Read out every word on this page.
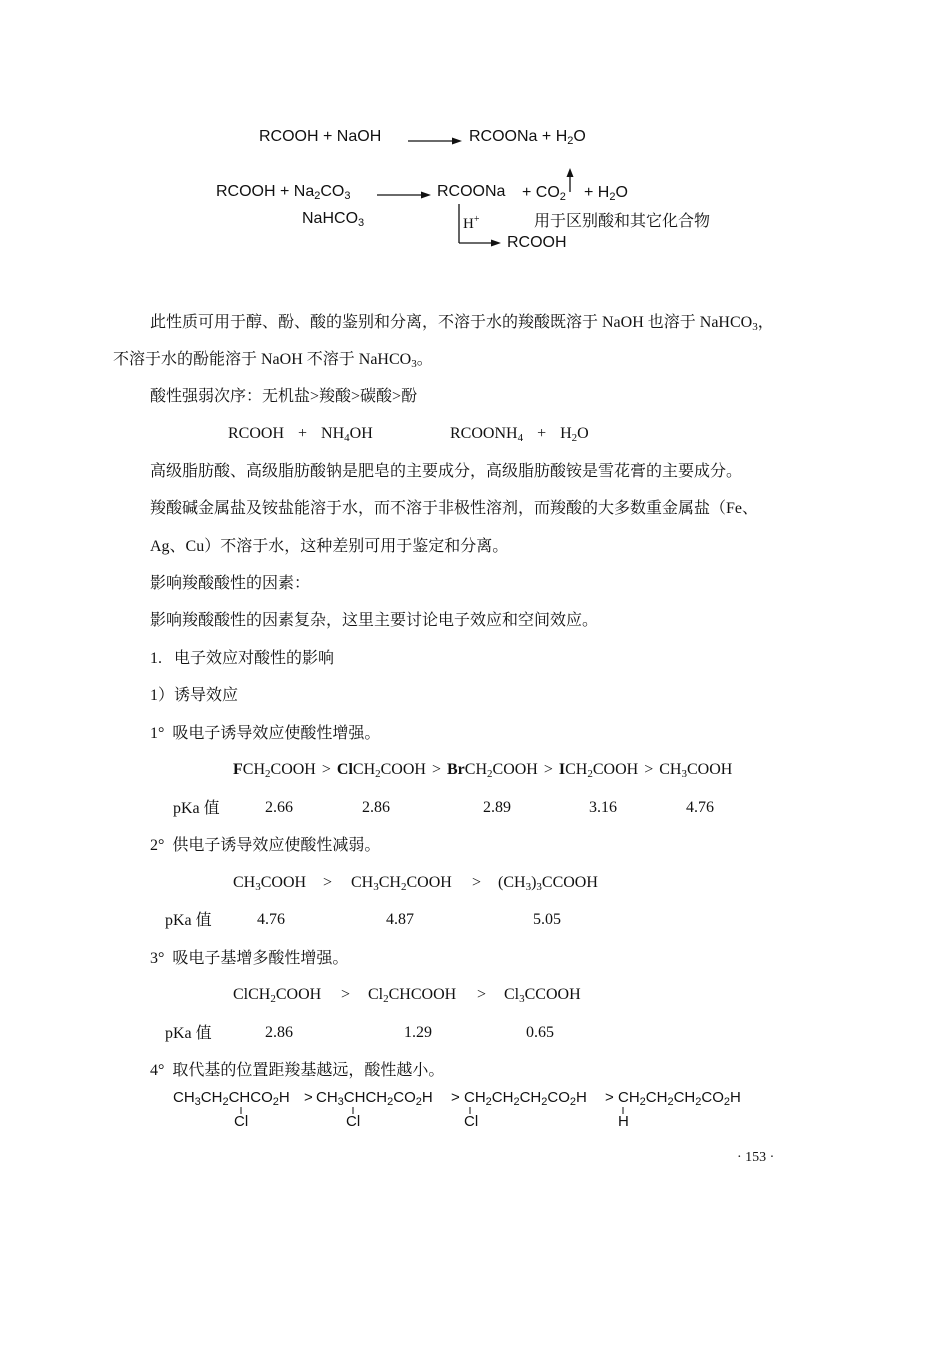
RCOOH + NaOH → RCOONa + $H_2O$
RCOOH + $Na_2CO_3$
NaHCO$_3$
→ RCOONa + $CO_2 + H_2O$
H+	用于区别酸和其它化合物
RCOOH
此性质可用于醇、酚、酸的鉴别和分离，不溶于水的羧酸既溶于 NaOH 也溶于 NaHCO$_3$，
不溶于水的酚能溶于 NaOH 不溶于 NaHCO$_3$。
酸性强弱次序：无机盐>羧酸>碳酸>酚
RCOOH + $NH_4OH$	$RCOONH_4 + H_2O$
高级脂肪酸、高级脂肪酸钠是肥皂的主要成分，高级脂肪酸铵是雪花膏的主要成分。
羧酸碱金属盐及铵盐能溶于水，而不溶于非极性溶剂，而羧酸的大多数重金属盐（Fe、
Ag、Cu）不溶于水，这种差别可用于鉴定和分离。
影响羧酸酸性的因素：
影响羧酸酸性的因素复杂，这里主要讨论电子效应和空间效应。
1.   电子效应对酸性的影响
1）诱导效应
1°  吸电子诱导效应使酸性增强。
$FCH_2COOH$ > ClCH$_2$COOH > BrCH$_2$COOH > $ICH_2COOH$ > $CH_3COOH$
pKa 值	2.66	2.86	2.89	3.16	4.76
2°  供电子诱导效应使酸性减弱。
$CH_3COOH$ > $CH_3CH_2COOH$ > $(CH_3)_3CCOOH$
pKa 值	4.76	4.87	5.05
3°  吸电子基增多酸性增强。
ClCH$_2$COOH > $Cl_2CHCOOH$ > $Cl_3CCOOH$
pKa 值	2.86	1.29	0.65
4°  取代基的位置距羧基越远，酸性越小。
$CH_3CH_2CHCO_2H$
Cl
> $CH_3CHCH_2CO_2H$
Cl
> $CH_2CH_2CH_2CO_2H$
Cl
> $CH_2CH_2CH_2CO_2H$
H
· 153 ·
